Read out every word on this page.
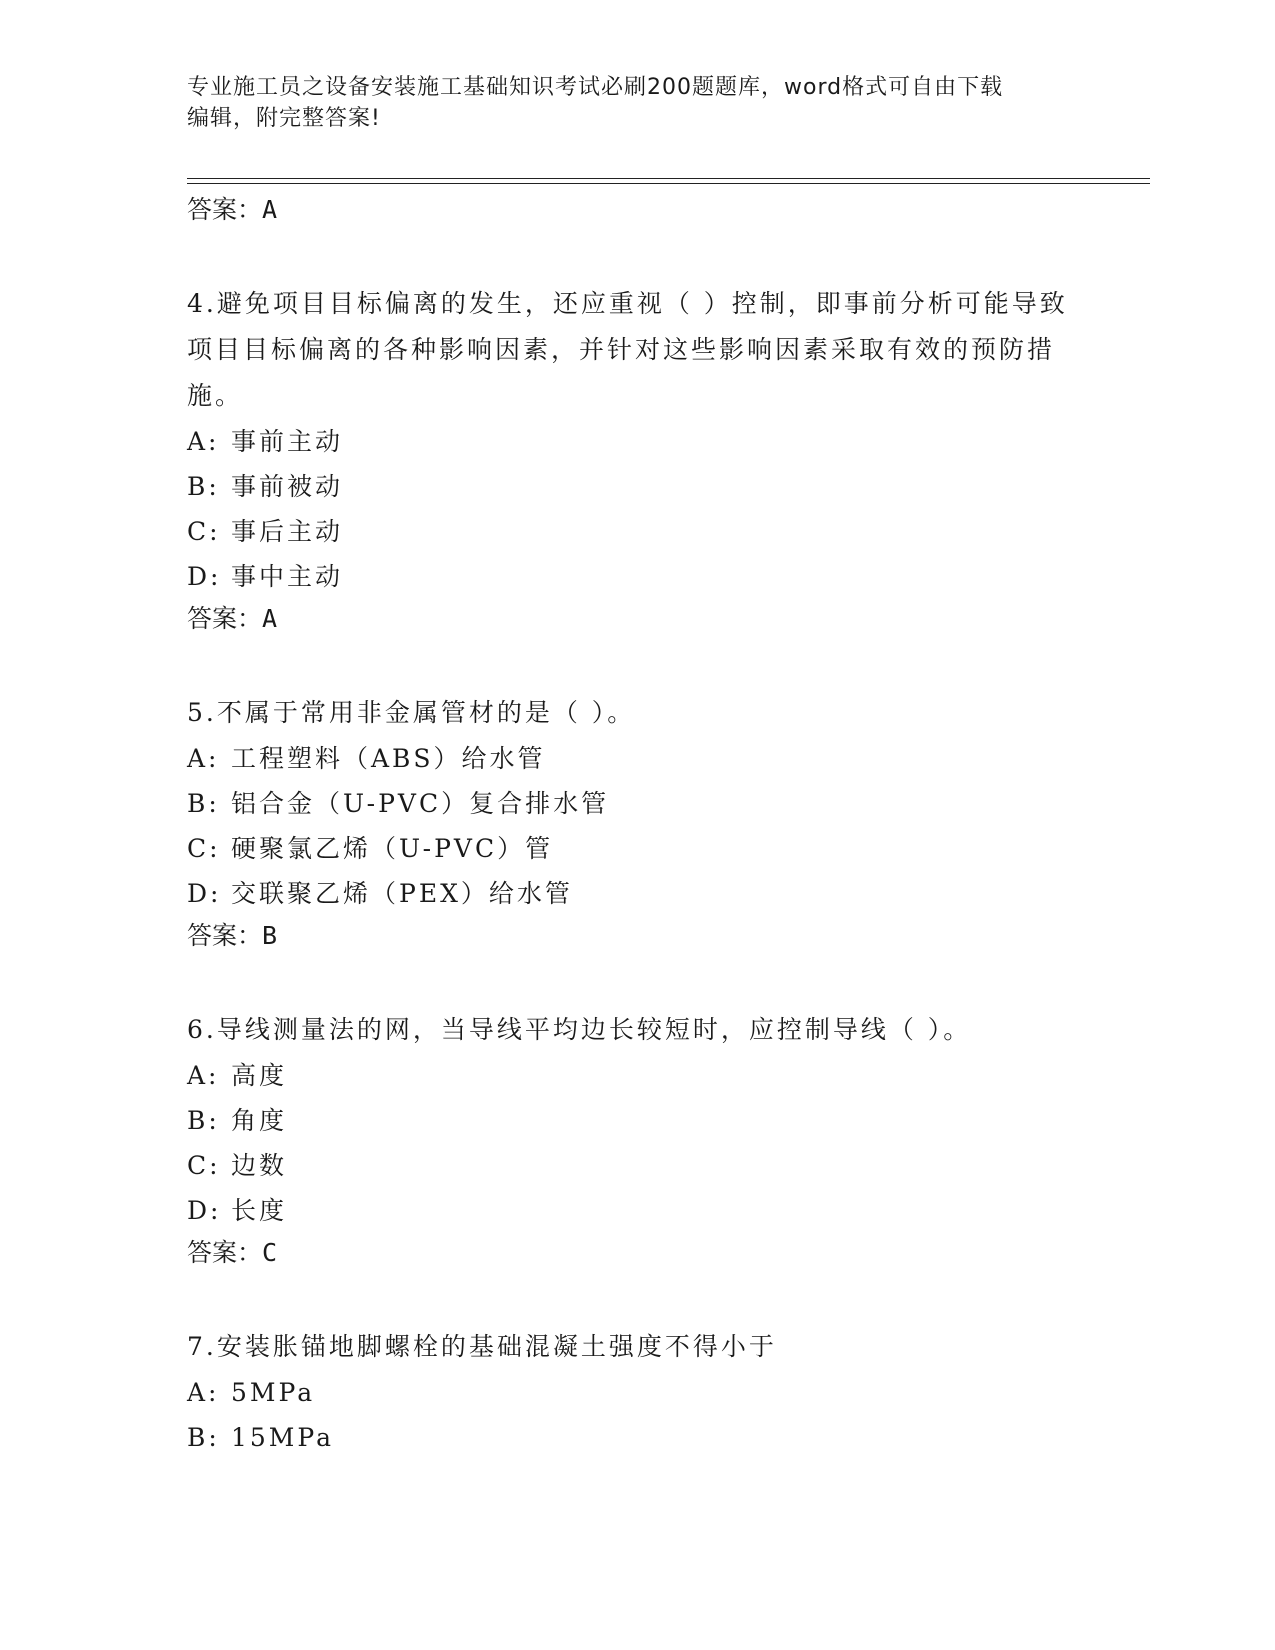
专业施工员之设备安装施工基础知识考试必刷200题题库，word格式可自由下载
编辑，附完整答案!
答案：A

4.避免项目目标偏离的发生，还应重视（ ）控制，即事前分析可能导致项目目标偏离的各种影响因素，并针对这些影响因素采取有效的预防措施。

A: 事前主动
B: 事前被动
C: 事后主动
D: 事中主动
答案：A

5.不属于常用非金属管材的是（ ）。

A: 工程塑料（ABS）给水管
B: 铝合金（U-PVC）复合排水管
C: 硬聚氯乙烯（U-PVC）管
D: 交联聚乙烯（PEX）给水管
答案：B

6.导线测量法的网，当导线平均边长较短时，应控制导线（ ）。

A: 高度
B: 角度
C: 边数
D: 长度
答案：C

7.安装胀锚地脚螺栓的基础混凝土强度不得小于

A: 5MPa
B: 15MPa
